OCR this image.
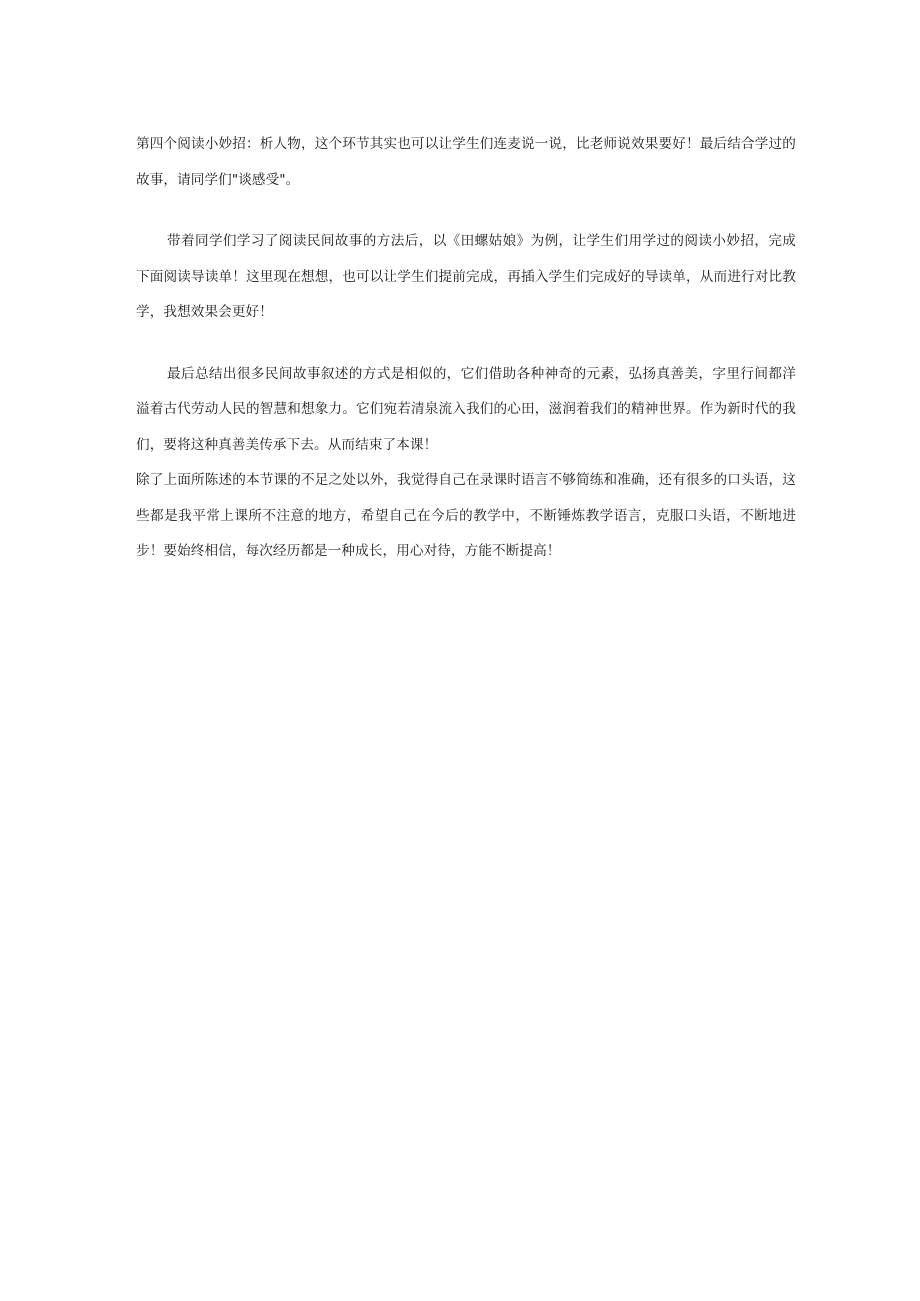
第四个阅读小妙招：析人物，这个环节其实也可以让学生们连麦说一说，比老师说效果要好！最后结合学过的故事，请同学们"谈感受"。

带着同学们学习了阅读民间故事的方法后，以《田螺姑娘》为例，让学生们用学过的阅读小妙招，完成下面阅读导读单！这里现在想想，也可以让学生们提前完成，再插入学生们完成好的导读单，从而进行对比教学，我想效果会更好！

最后总结出很多民间故事叙述的方式是相似的，它们借助各种神奇的元素，弘扬真善美，字里行间都洋溢着古代劳动人民的智慧和想象力。它们宛若清泉流入我们的心田，滋润着我们的精神世界。作为新时代的我们，要将这种真善美传承下去。从而结束了本课！

除了上面所陈述的本节课的不足之处以外，我觉得自己在录课时语言不够简练和准确，还有很多的口头语，这些都是我平常上课所不注意的地方，希望自己在今后的教学中，不断锤炼教学语言，克服口头语，不断地进步！要始终相信，每次经历都是一种成长，用心对待，方能不断提高！
